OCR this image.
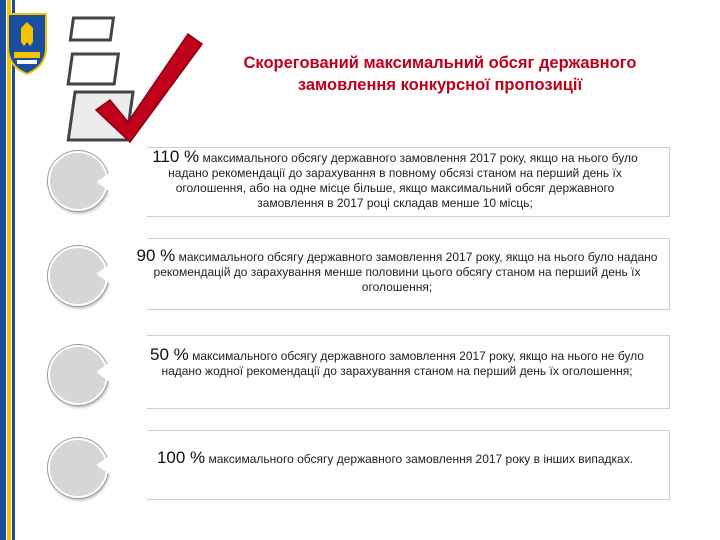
Скорегований максимальний обсяг державного
замовлення конкурсної пропозиції
110 % максимального обсягу державного замовлення 2017 року, якщо на нього було надано рекомендації до зарахування в повному обсязі станом на перший день їх оголошення, або на одне місце більше, якщо максимальний обсяг державного замовлення в 2017 році складав менше 10 місць;
90 % максимального обсягу державного замовлення 2017 року, якщо на нього було надано рекомендацій до зарахування менше половини цього обсягу станом на перший день їх оголошення;
50 % максимального обсягу державного замовлення 2017 року, якщо на нього не було надано жодної рекомендації до зарахування станом на перший день їх оголошення;
100 % максимального обсягу державного замовлення 2017 року в інших випадках.
